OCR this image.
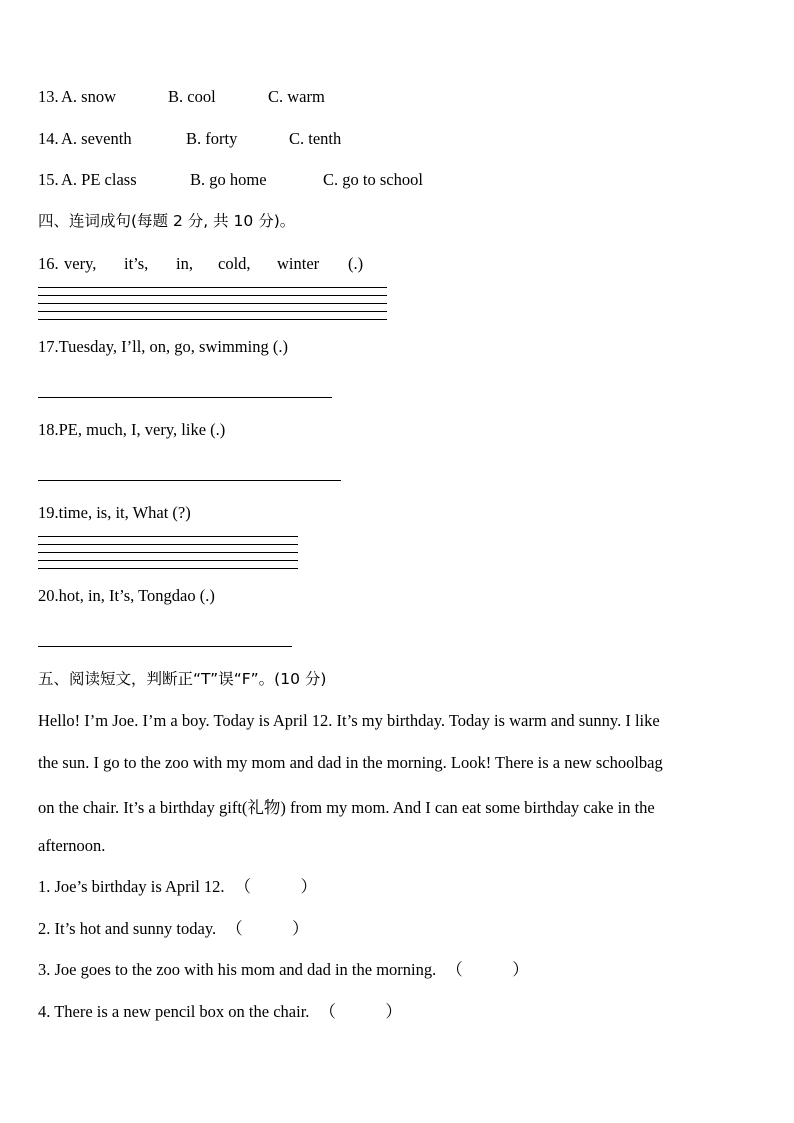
13. A. snow	B. cool	C. warm
14. A. seventh	B. forty	C. tenth
15. A. PE class	B. go home	C. go to school
四、连词成句(每题 2 分, 共 10 分)。
16. very, it’s, in, cold, winter (.)
17.Tuesday, I’ll, on, go, swimming (.)
18.PE, much, I, very, like (.)
19.time, is, it, What (?)
20.hot, in, It’s, Tongdao (.)
五、阅读短文，判断正“T”误“F”。(10 分)
Hello! I’m Joe. I’m a boy. Today is April 12. It’s my birthday. Today is warm and sunny. I like
the sun. I go to the zoo with my mom and dad in the morning. Look! There is a new schoolbag
on the chair. It’s a birthday gift(礼物) from my mom. And I can eat some birthday cake in the
afternoon.
1. Joe’s birthday is April 12. （　　　）
2. It’s hot and sunny today. （　　　）
3. Joe goes to the zoo with his mom and dad in the morning. （　　　）
4. There is a new pencil box on the chair. （　　　）
